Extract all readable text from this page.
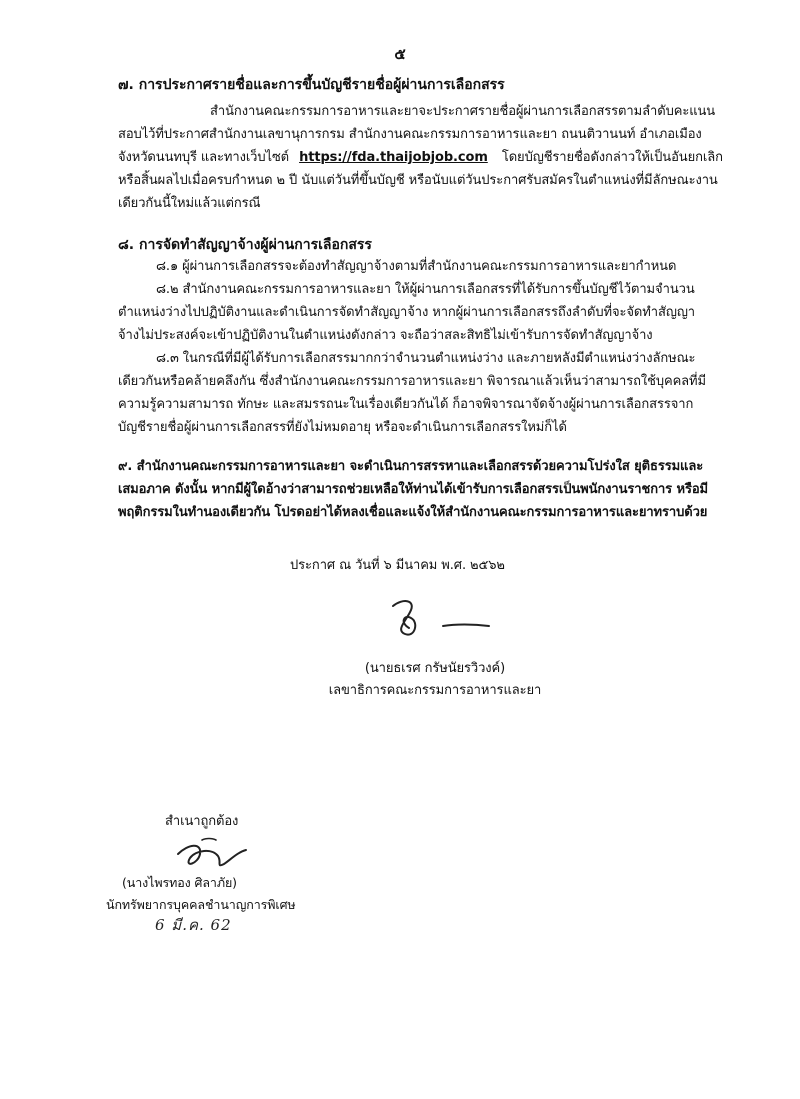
๕
๗. การประกาศรายชื่อและการขึ้นบัญชีรายชื่อผู้ผ่านการเลือกสรร
สำนักงานคณะกรรมการอาหารและยาจะประกาศรายชื่อผู้ผ่านการเลือกสรรตามลำดับคะแนน
สอบไว้ที่ประกาศสำนักงานเลขานุการกรม สำนักงานคณะกรรมการอาหารและยา ถนนติวานนท์ อำเภอเมือง
จังหวัดนนทบุรี และทางเว็บไซต์ https://fda.thaijobjob.com โดยบัญชีรายชื่อดังกล่าวให้เป็นอันยกเลิก
หรือสิ้นผลไปเมื่อครบกำหนด ๒ ปี นับแต่วันที่ขึ้นบัญชี หรือนับแต่วันประกาศรับสมัครในตำแหน่งที่มีลักษณะงาน
เดียวกันนี้ใหม่แล้วแต่กรณี
๘. การจัดทำสัญญาจ้างผู้ผ่านการเลือกสรร
๘.๑ ผู้ผ่านการเลือกสรรจะต้องทำสัญญาจ้างตามที่สำนักงานคณะกรรมการอาหารและยากำหนด
๘.๒ สำนักงานคณะกรรมการอาหารและยา ให้ผู้ผ่านการเลือกสรรที่ได้รับการขึ้นบัญชีไว้ตามจำนวน
ตำแหน่งว่างไปปฏิบัติงานและดำเนินการจัดทำสัญญาจ้าง หากผู้ผ่านการเลือกสรรถึงลำดับที่จะจัดทำสัญญา
จ้างไม่ประสงค์จะเข้าปฏิบัติงานในตำแหน่งดังกล่าว จะถือว่าสละสิทธิไม่เข้ารับการจัดทำสัญญาจ้าง
๘.๓ ในกรณีที่มีผู้ได้รับการเลือกสรรมากกว่าจำนวนตำแหน่งว่าง และภายหลังมีตำแหน่งว่างลักษณะ
เดียวกันหรือคล้ายคลึงกัน ซึ่งสำนักงานคณะกรรมการอาหารและยา พิจารณาแล้วเห็นว่าสามารถใช้บุคคลที่มี
ความรู้ความสามารถ ทักษะ และสมรรถนะในเรื่องเดียวกันได้ ก็อาจพิจารณาจัดจ้างผู้ผ่านการเลือกสรรจาก
บัญชีรายชื่อผู้ผ่านการเลือกสรรที่ยังไม่หมดอายุ หรือจะดำเนินการเลือกสรรใหม่ก็ได้
๙. สำนักงานคณะกรรมการอาหารและยา จะดำเนินการสรรหาและเลือกสรรด้วยความโปร่งใส ยุติธรรมและ
เสมอภาค ดังนั้น หากมีผู้ใดอ้างว่าสามารถช่วยเหลือให้ท่านได้เข้ารับการเลือกสรรเป็นพนักงานราชการ หรือมี
พฤติกรรมในทำนองเดียวกัน โปรดอย่าได้หลงเชื่อและแจ้งให้สำนักงานคณะกรรมการอาหารและยาทราบด้วย
ประกาศ ณ วันที่ ๖ มีนาคม พ.ศ. ๒๕๖๒
(นายธเรศ กรัษนัยรวิวงค์)
เลขาธิการคณะกรรมการอาหารและยา
สำเนาถูกต้อง
(นางไพรทอง ศิลาภัย)
นักทรัพยากรบุคคลชำนาญการพิเศษ
6 มี.ค. 62
